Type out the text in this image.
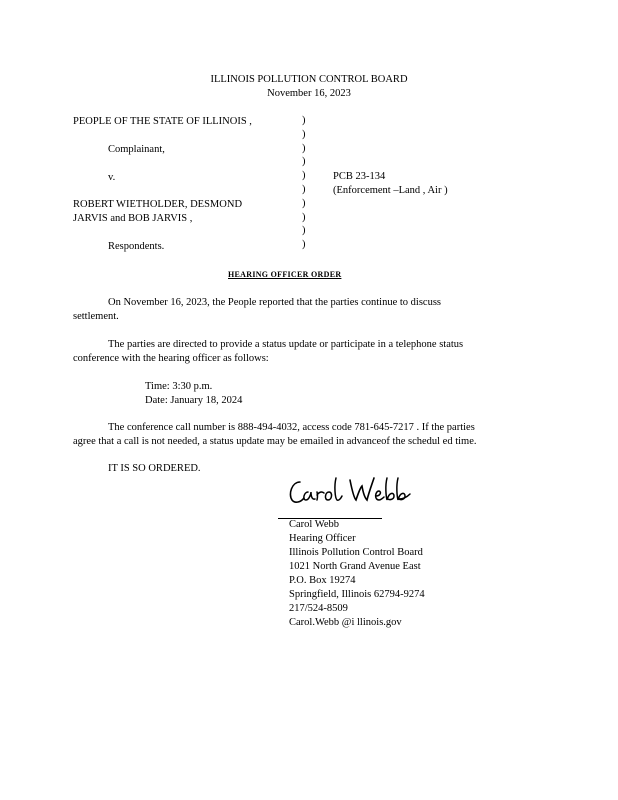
ILLINOIS POLLUTION CONTROL BOARD
November 16, 2023
PEOPLE OF THE STATE OF ILLINOIS ,
Complainant,
v.
ROBERT WIETHOLDER, DESMOND
JARVIS and BOB JARVIS ,
Respondents.
)
)
)
)
)
)
)
)
)
)
PCB 23-134
(Enforcement –Land , Air )
HEARING OFFICER ORDER
On November 16, 2023, the People reported that the parties continue to discuss
settlement.
The parties are directed to provide a status update or participate in a telephone status
conference with the hearing officer as follows:
Time: 3:30 p.m.
Date: January 18, 2024
The conference call number is 888-494-4032, access code 781-645-7217 . If the parties
agree that a call is not needed, a status update may be emailed in advanceof the schedul ed time.
IT IS SO ORDERED.
Carol Webb
Hearing Officer
Illinois Pollution Control Board
1021 North Grand Avenue East
P.O. Box 19274
Springfield, Illinois 62794-9274
217/524-8509
Carol.Webb @i llinois.gov
